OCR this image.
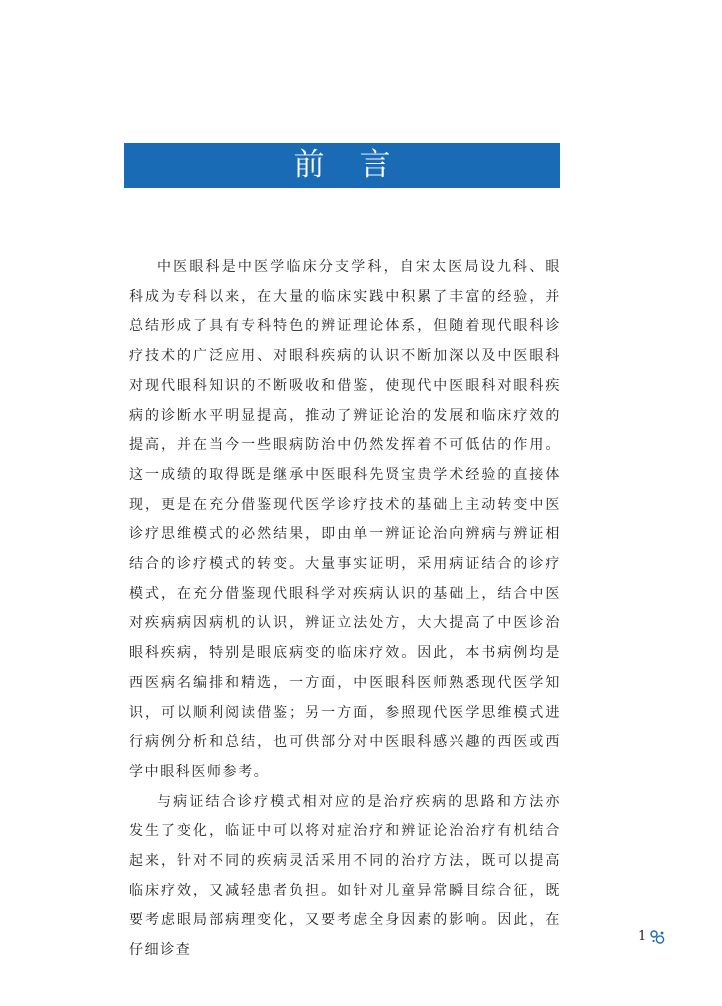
前言

中医眼科是中医学临床分支学科，自宋太医局设九科、眼科成为专科以来，在大量的临床实践中积累了丰富的经验，并总结形成了具有专科特色的辨证理论体系，但随着现代眼科诊疗技术的广泛应用、对眼科疾病的认识不断加深以及中医眼科对现代眼科知识的不断吸收和借鉴，使现代中医眼科对眼科疾病的诊断水平明显提高，推动了辨证论治的发展和临床疗效的提高，并在当今一些眼病防治中仍然发挥着不可低估的作用。这一成绩的取得既是继承中医眼科先贤宝贵学术经验的直接体现，更是在充分借鉴现代医学诊疗技术的基础上主动转变中医诊疗思维模式的必然结果，即由单一辨证论治向辨病与辨证相结合的诊疗模式的转变。大量事实证明，采用病证结合的诊疗模式，在充分借鉴现代眼科学对疾病认识的基础上，结合中医对疾病病因病机的认识，辨证立法处方，大大提高了中医诊治眼科疾病，特别是眼底病变的临床疗效。因此，本书病例均是西医病名编排和精选，一方面，中医眼科医师熟悉现代医学知识，可以顺利阅读借鉴；另一方面，参照现代医学思维模式进行病例分析和总结，也可供部分对中医眼科感兴趣的西医或西学中眼科医师参考。

与病证结合诊疗模式相对应的是治疗疾病的思路和方法亦发生了变化，临证中可以将对症治疗和辨证论治治疗有机结合起来，针对不同的疾病灵活采用不同的治疗方法，既可以提高临床疗效，又减轻患者负担。如针对儿童异常瞬目综合征，既要考虑眼局部病理变化，又要考虑全身因素的影响。因此，在仔细诊查

1
